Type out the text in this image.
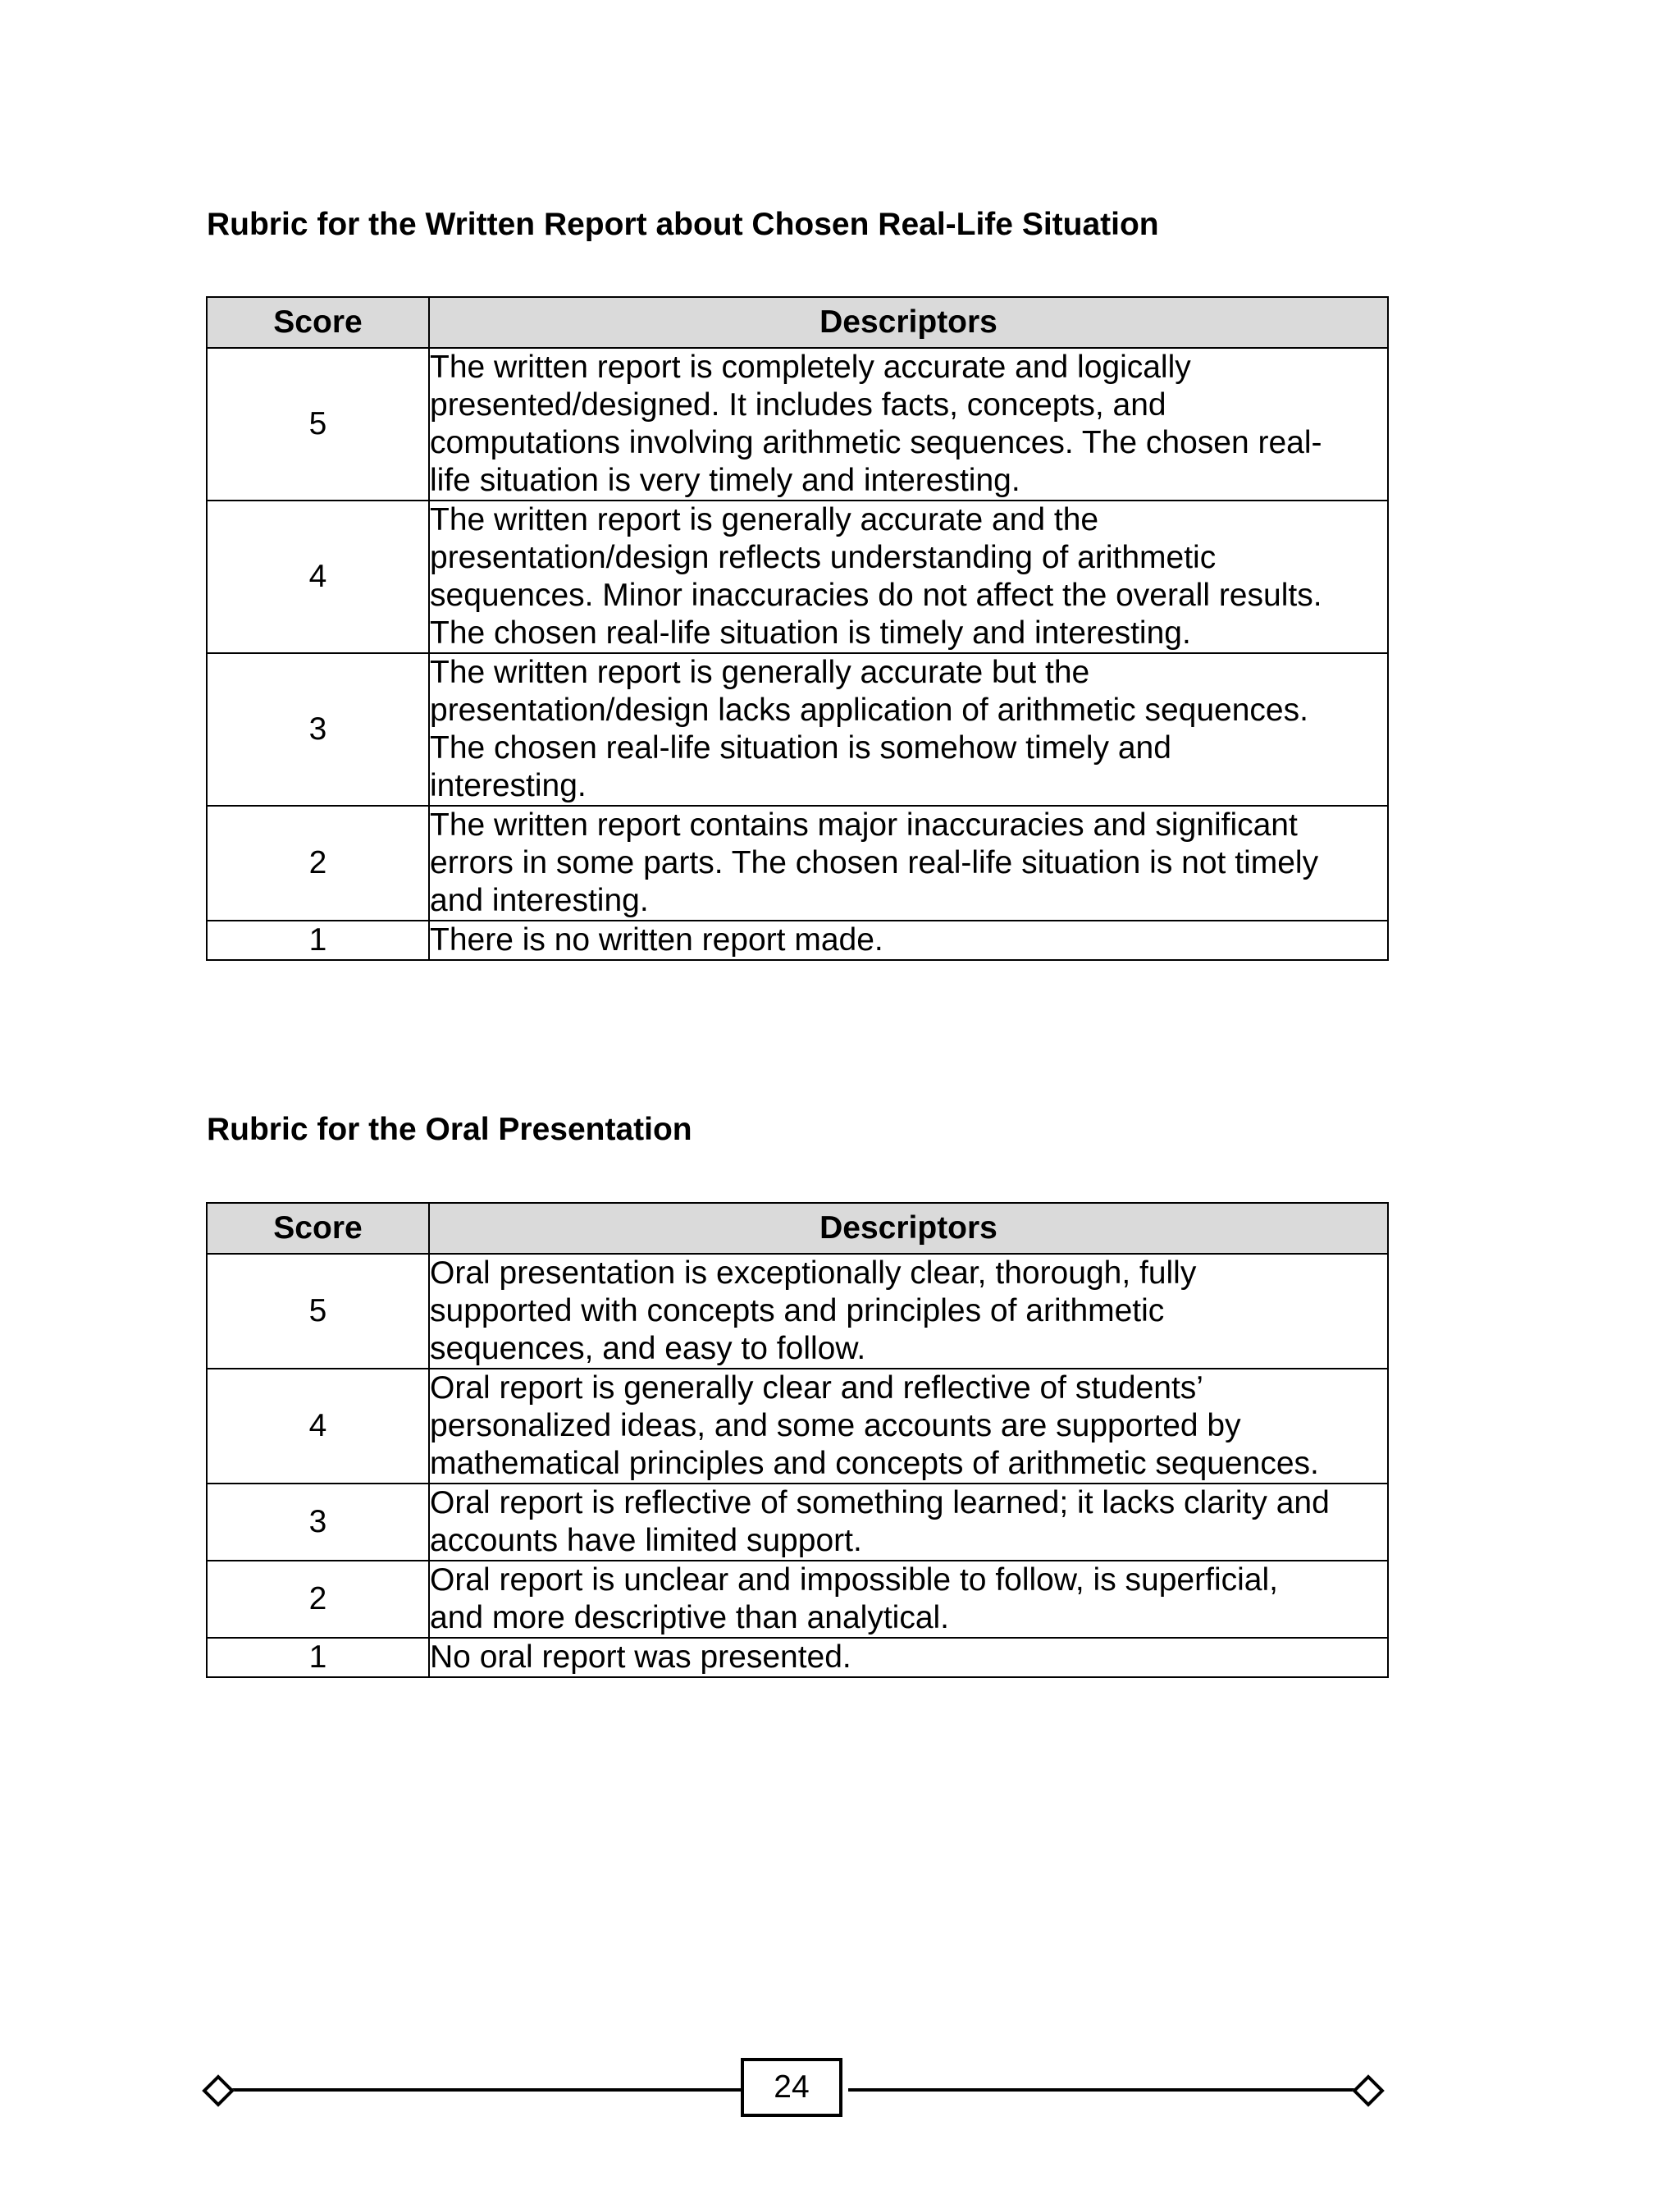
Rubric for the Written Report about Chosen Real-Life Situation
Score	Descriptors
5	The written report is completely accurate and logically
presented/designed. It includes facts, concepts, and
computations involving arithmetic sequences. The chosen real-
life situation is very timely and interesting.

4	The written report is generally accurate and the
presentation/design reflects understanding of arithmetic
sequences. Minor inaccuracies do not affect the overall results.
The chosen real-life situation is timely and interesting.

3	The written report is generally accurate but the
presentation/design lacks application of arithmetic sequences.
The chosen real-life situation is somehow timely and
interesting.

2	The written report contains major inaccuracies and significant
errors in some parts. The chosen real-life situation is not timely
and interesting.

1	There is no written report made.
Rubric for the Oral Presentation
Score	Descriptors
5	Oral presentation is exceptionally clear, thorough, fully
supported with concepts and principles of arithmetic
sequences, and easy to follow.

4	Oral report is generally clear and reflective of students’
personalized ideas, and some accounts are supported by
mathematical principles and concepts of arithmetic sequences.

3	Oral report is reflective of something learned; it lacks clarity and
accounts have limited support.

2	Oral report is unclear and impossible to follow, is superficial,
and more descriptive than analytical.

1	No oral report was presented.
24
